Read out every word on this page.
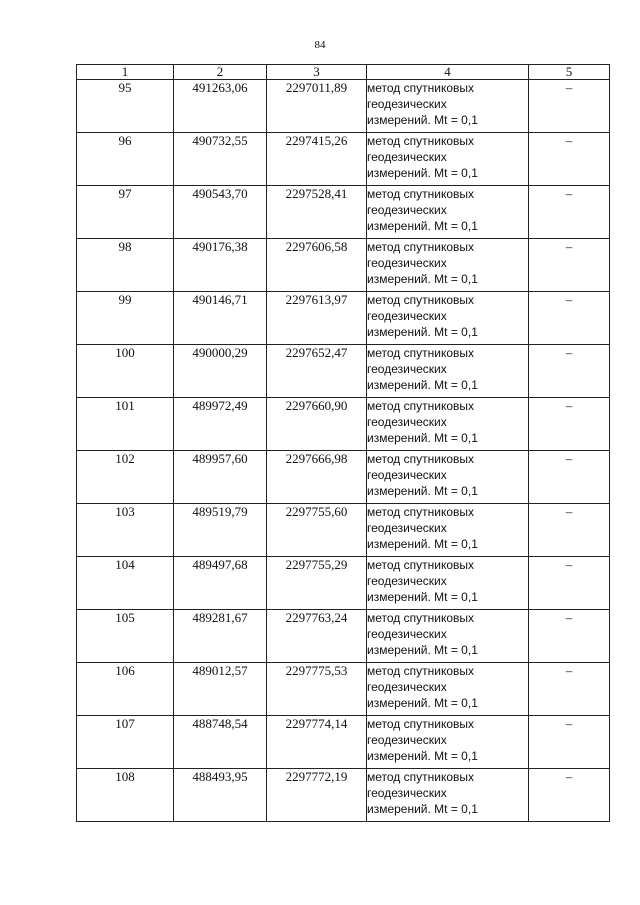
84
1	2	3	4	5
95	491263,06	2297011,89	метод спутниковых
геодезических
измерений. Mt = 0,1	–
96	490732,55	2297415,26	метод спутниковых
геодезических
измерений. Mt = 0,1	–
97	490543,70	2297528,41	метод спутниковых
геодезических
измерений. Mt = 0,1	–
98	490176,38	2297606,58	метод спутниковых
геодезических
измерений. Mt = 0,1	–
99	490146,71	2297613,97	метод спутниковых
геодезических
измерений. Mt = 0,1	–
100	490000,29	2297652,47	метод спутниковых
геодезических
измерений. Mt = 0,1	–
101	489972,49	2297660,90	метод спутниковых
геодезических
измерений. Mt = 0,1	–
102	489957,60	2297666,98	метод спутниковых
геодезических
измерений. Mt = 0,1	–
103	489519,79	2297755,60	метод спутниковых
геодезических
измерений. Mt = 0,1	–
104	489497,68	2297755,29	метод спутниковых
геодезических
измерений. Mt = 0,1	–
105	489281,67	2297763,24	метод спутниковых
геодезических
измерений. Mt = 0,1	–
106	489012,57	2297775,53	метод спутниковых
геодезических
измерений. Mt = 0,1	–
107	488748,54	2297774,14	метод спутниковых
геодезических
измерений. Mt = 0,1	–
108	488493,95	2297772,19	метод спутниковых
геодезических
измерений. Mt = 0,1	–
